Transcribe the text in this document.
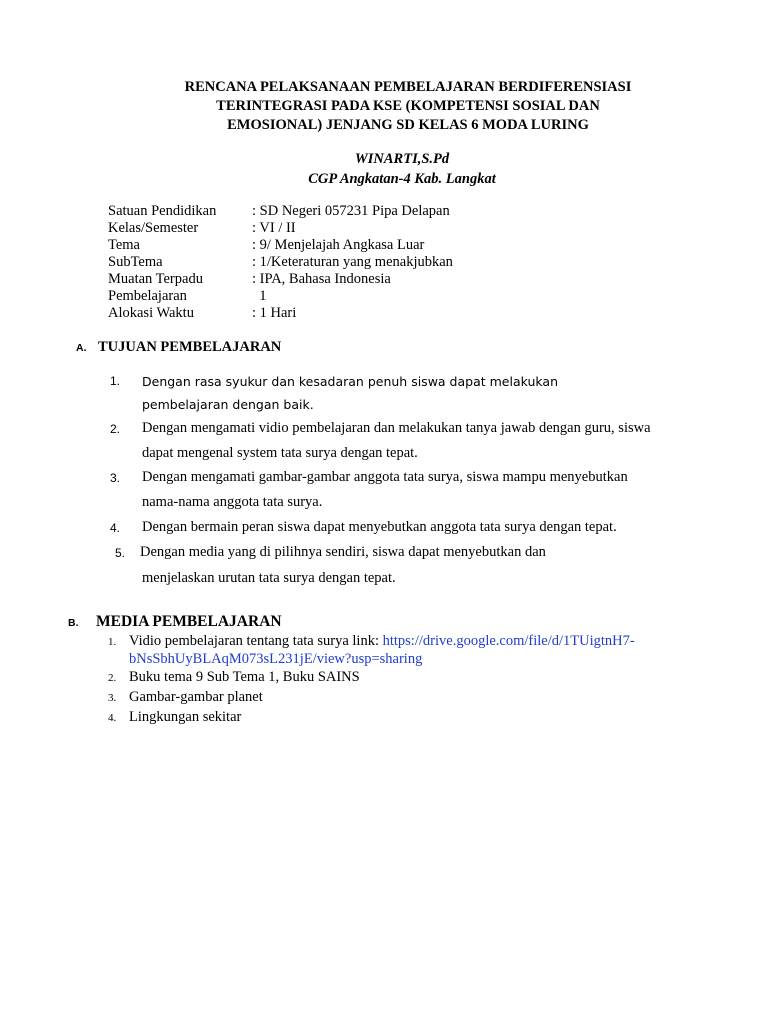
RENCANA PELAKSANAAN PEMBELAJARAN BERDIFERENSIASI
TERINTEGRASI PADA KSE (KOMPETENSI SOSIAL DAN
EMOSIONAL) JENJANG SD KELAS 6 MODA LURING
WINARTI,S.Pd
CGP Angkatan-4 Kab. Langkat
Satuan Pendidikan : SD Negeri 057231 Pipa Delapan
Kelas/Semester	: VI / II
Tema	: 9/ Menjelajah Angkasa Luar
SubTema	: 1/Keteraturan yang menakjubkan
Muatan Terpadu	: IPA, Bahasa Indonesia
Pembelajaran	1
Alokasi Waktu	: 1 Hari
A. TUJUAN PEMBELAJARAN
1. Dengan rasa syukur dan kesadaran penuh siswa dapat melakukan
pembelajaran dengan baik.
2. Dengan mengamati vidio pembelajaran dan melakukan tanya jawab dengan guru, siswa
dapat mengenal system tata surya dengan tepat.
3. Dengan mengamati gambar-gambar anggota tata surya, siswa mampu menyebutkan
nama-nama anggota tata surya.
4. Dengan bermain peran siswa dapat menyebutkan anggota tata surya dengan tepat.
5. Dengan media yang di pilihnya sendiri, siswa dapat menyebutkan dan
menjelaskan urutan tata surya dengan tepat.
B. MEDIA PEMBELAJARAN
1. Vidio pembelajaran tentang tata surya link: https://drive.google.com/file/d/1TUigtnH7-
bNsSbhUyBLAqM073sL231jE/view?usp=sharing
2. Buku tema 9 Sub Tema 1, Buku SAINS
3. Gambar-gambar planet
4. Lingkungan sekitar
